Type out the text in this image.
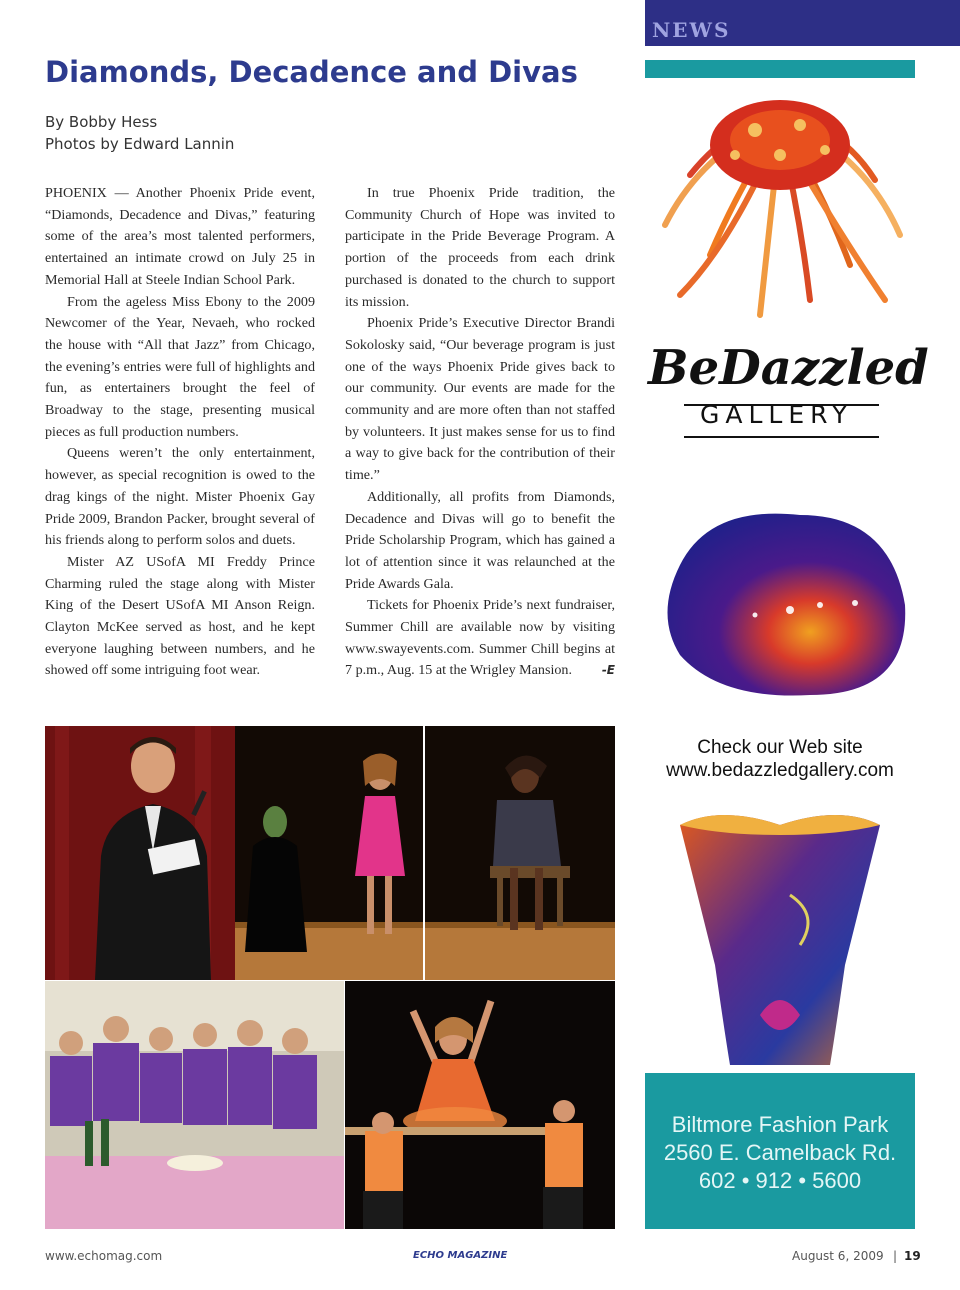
NEWS
Diamonds, Decadence and Divas
By Bobby Hess
Photos by Edward Lannin

PHOENIX — Another Phoenix Pride event, “Diamonds, Decadence and Divas,” featuring some of the area’s most talented performers, entertained an intimate crowd on July 25 in Memorial Hall at Steele Indian School Park.

From the ageless Miss Ebony to the 2009 Newcomer of the Year, Nevaeh, who rocked the house with “All that Jazz” from Chicago, the evening’s entries were full of highlights and fun, as entertainers brought the feel of Broadway to the stage, presenting musical pieces as full production numbers.

Queens weren’t the only entertainment, however, as special recognition is owed to the drag kings of the night. Mister Phoenix Gay Pride 2009, Brandon Packer, brought several of his friends along to perform solos and duets.

Mister AZ USofA MI Freddy Prince Charming ruled the stage along with Mister King of the Desert USofA MI Anson Reign. Clayton McKee served as host, and he kept everyone laughing between numbers, and he showed off some intriguing foot wear.

In true Phoenix Pride tradition, the Community Church of Hope was invited to participate in the Pride Beverage Program. A portion of the proceeds from each drink purchased is donated to the church to support its mission.

Phoenix Pride’s Executive Director Brandi Sokolosky said, “Our beverage program is just one of the ways Phoenix Pride gives back to our community. Our events are made for the community and are more often than not staffed by volunteers. It just makes sense for us to find a way to give back for the contribution of their time.”

Additionally, all profits from Diamonds, Decadence and Divas will go to benefit the Pride Scholarship Program, which has gained a lot of attention since it was relaunched at the Pride Awards Gala.

Tickets for Phoenix Pride’s next fundraiser, Summer Chill are available now by visiting www.swayevents.com. Summer Chill begins at 7 p.m., Aug. 15 at the Wrigley Mansion.	-E

BeDazzled
GALLERY
Check our Web site
www.bedazzledgallery.com
Biltmore Fashion Park
2560 E. Camelback Rd.
602 • 912 • 5600
www.echomag.com	ECHO MAGAZINE	August 6, 2009 | 19
